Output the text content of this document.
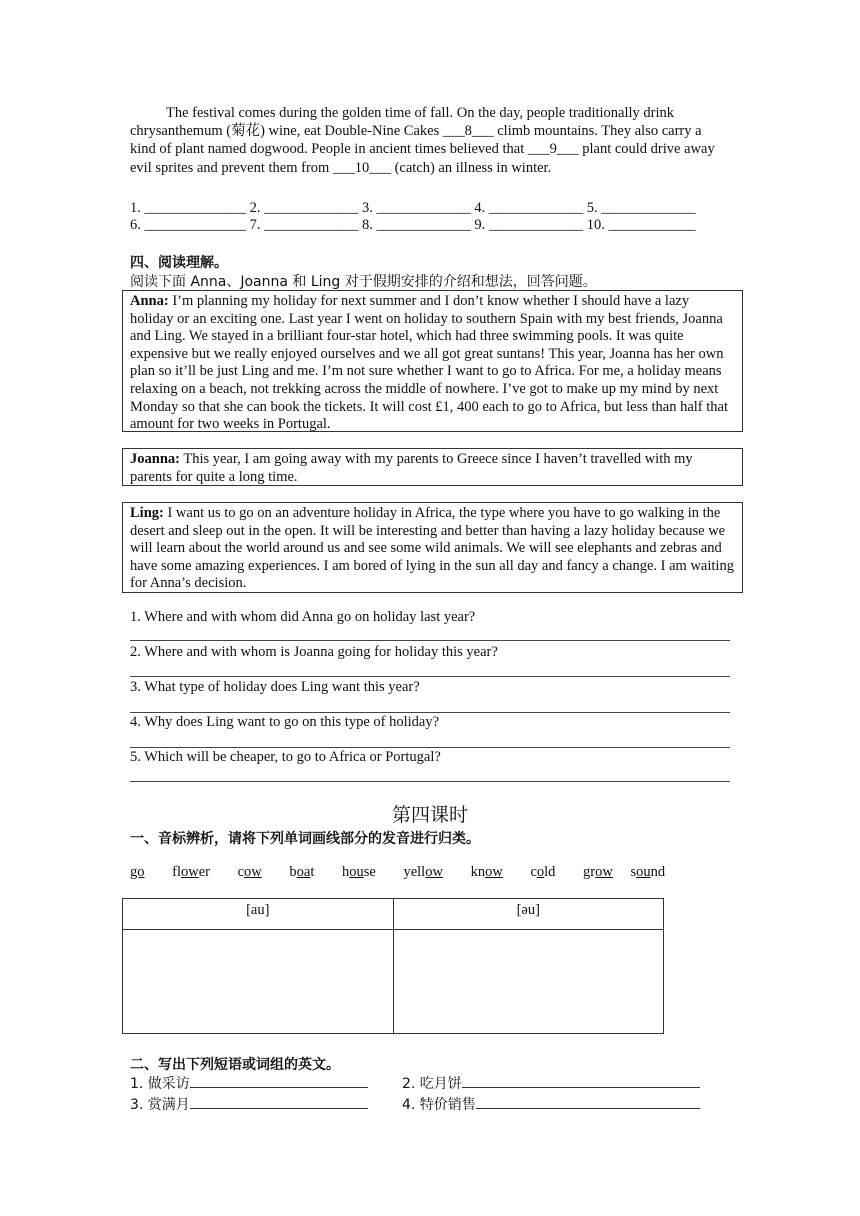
The festival comes during the golden time of fall. On the day, people traditionally drink chrysanthemum (菊花) wine, eat Double-Nine Cakes ___8___ climb mountains. They also carry a kind of plant named dogwood. People in ancient times believed that ___9___ plant could drive away evil sprites and prevent them from ___10___ (catch) an illness in winter.
1. ______________ 2. _____________ 3. _____________ 4. _____________ 5. _____________
6. ______________ 7. _____________ 8. _____________ 9. _____________ 10. ____________
四、阅读理解。
阅读下面 Anna、Joanna 和 Ling 对于假期安排的介绍和想法，回答问题。
Anna: I’m planning my holiday for next summer and I don’t know whether I should have a lazy holiday or an exciting one. Last year I went on holiday to southern Spain with my best friends, Joanna and Ling. We stayed in a brilliant four-star hotel, which had three swimming pools. It was quite expensive but we really enjoyed ourselves and we all got great suntans! This year, Joanna has her own plan so it’ll be just Ling and me. I’m not sure whether I want to go to Africa. For me, a holiday means relaxing on a beach, not trekking across the middle of nowhere. I’ve got to make up my mind by next Monday so that she can book the tickets. It will cost £1, 400 each to go to Africa, but less than half that amount for two weeks in Portugal.
Joanna: This year, I am going away with my parents to Greece since I haven’t travelled with my parents for quite a long time.
Ling: I want us to go on an adventure holiday in Africa, the type where you have to go walking in the desert and sleep out in the open. It will be interesting and better than having a lazy holiday because we will learn about the world around us and see some wild animals. We will see elephants and zebras and have some amazing experiences. I am bored of lying in the sun all day and fancy a change. I am waiting for Anna’s decision.
1. Where and with whom did Anna go on holiday last year?
2. Where and with whom is Joanna going for holiday this year?
3. What type of holiday does Ling want this year?
4. Why does Ling want to go on this type of holiday?
5. Which will be cheaper, to go to Africa or Portugal?
第四课时
一、音标辨析，请将下列单词画线部分的发音进行归类。
go flower cow boat house yellow know cold grow sound
[au]	[əu]

二、写出下列短语或词组的英文。
1. 做采访	2. 吃月饼
3. 赏满月	4. 特价销售
